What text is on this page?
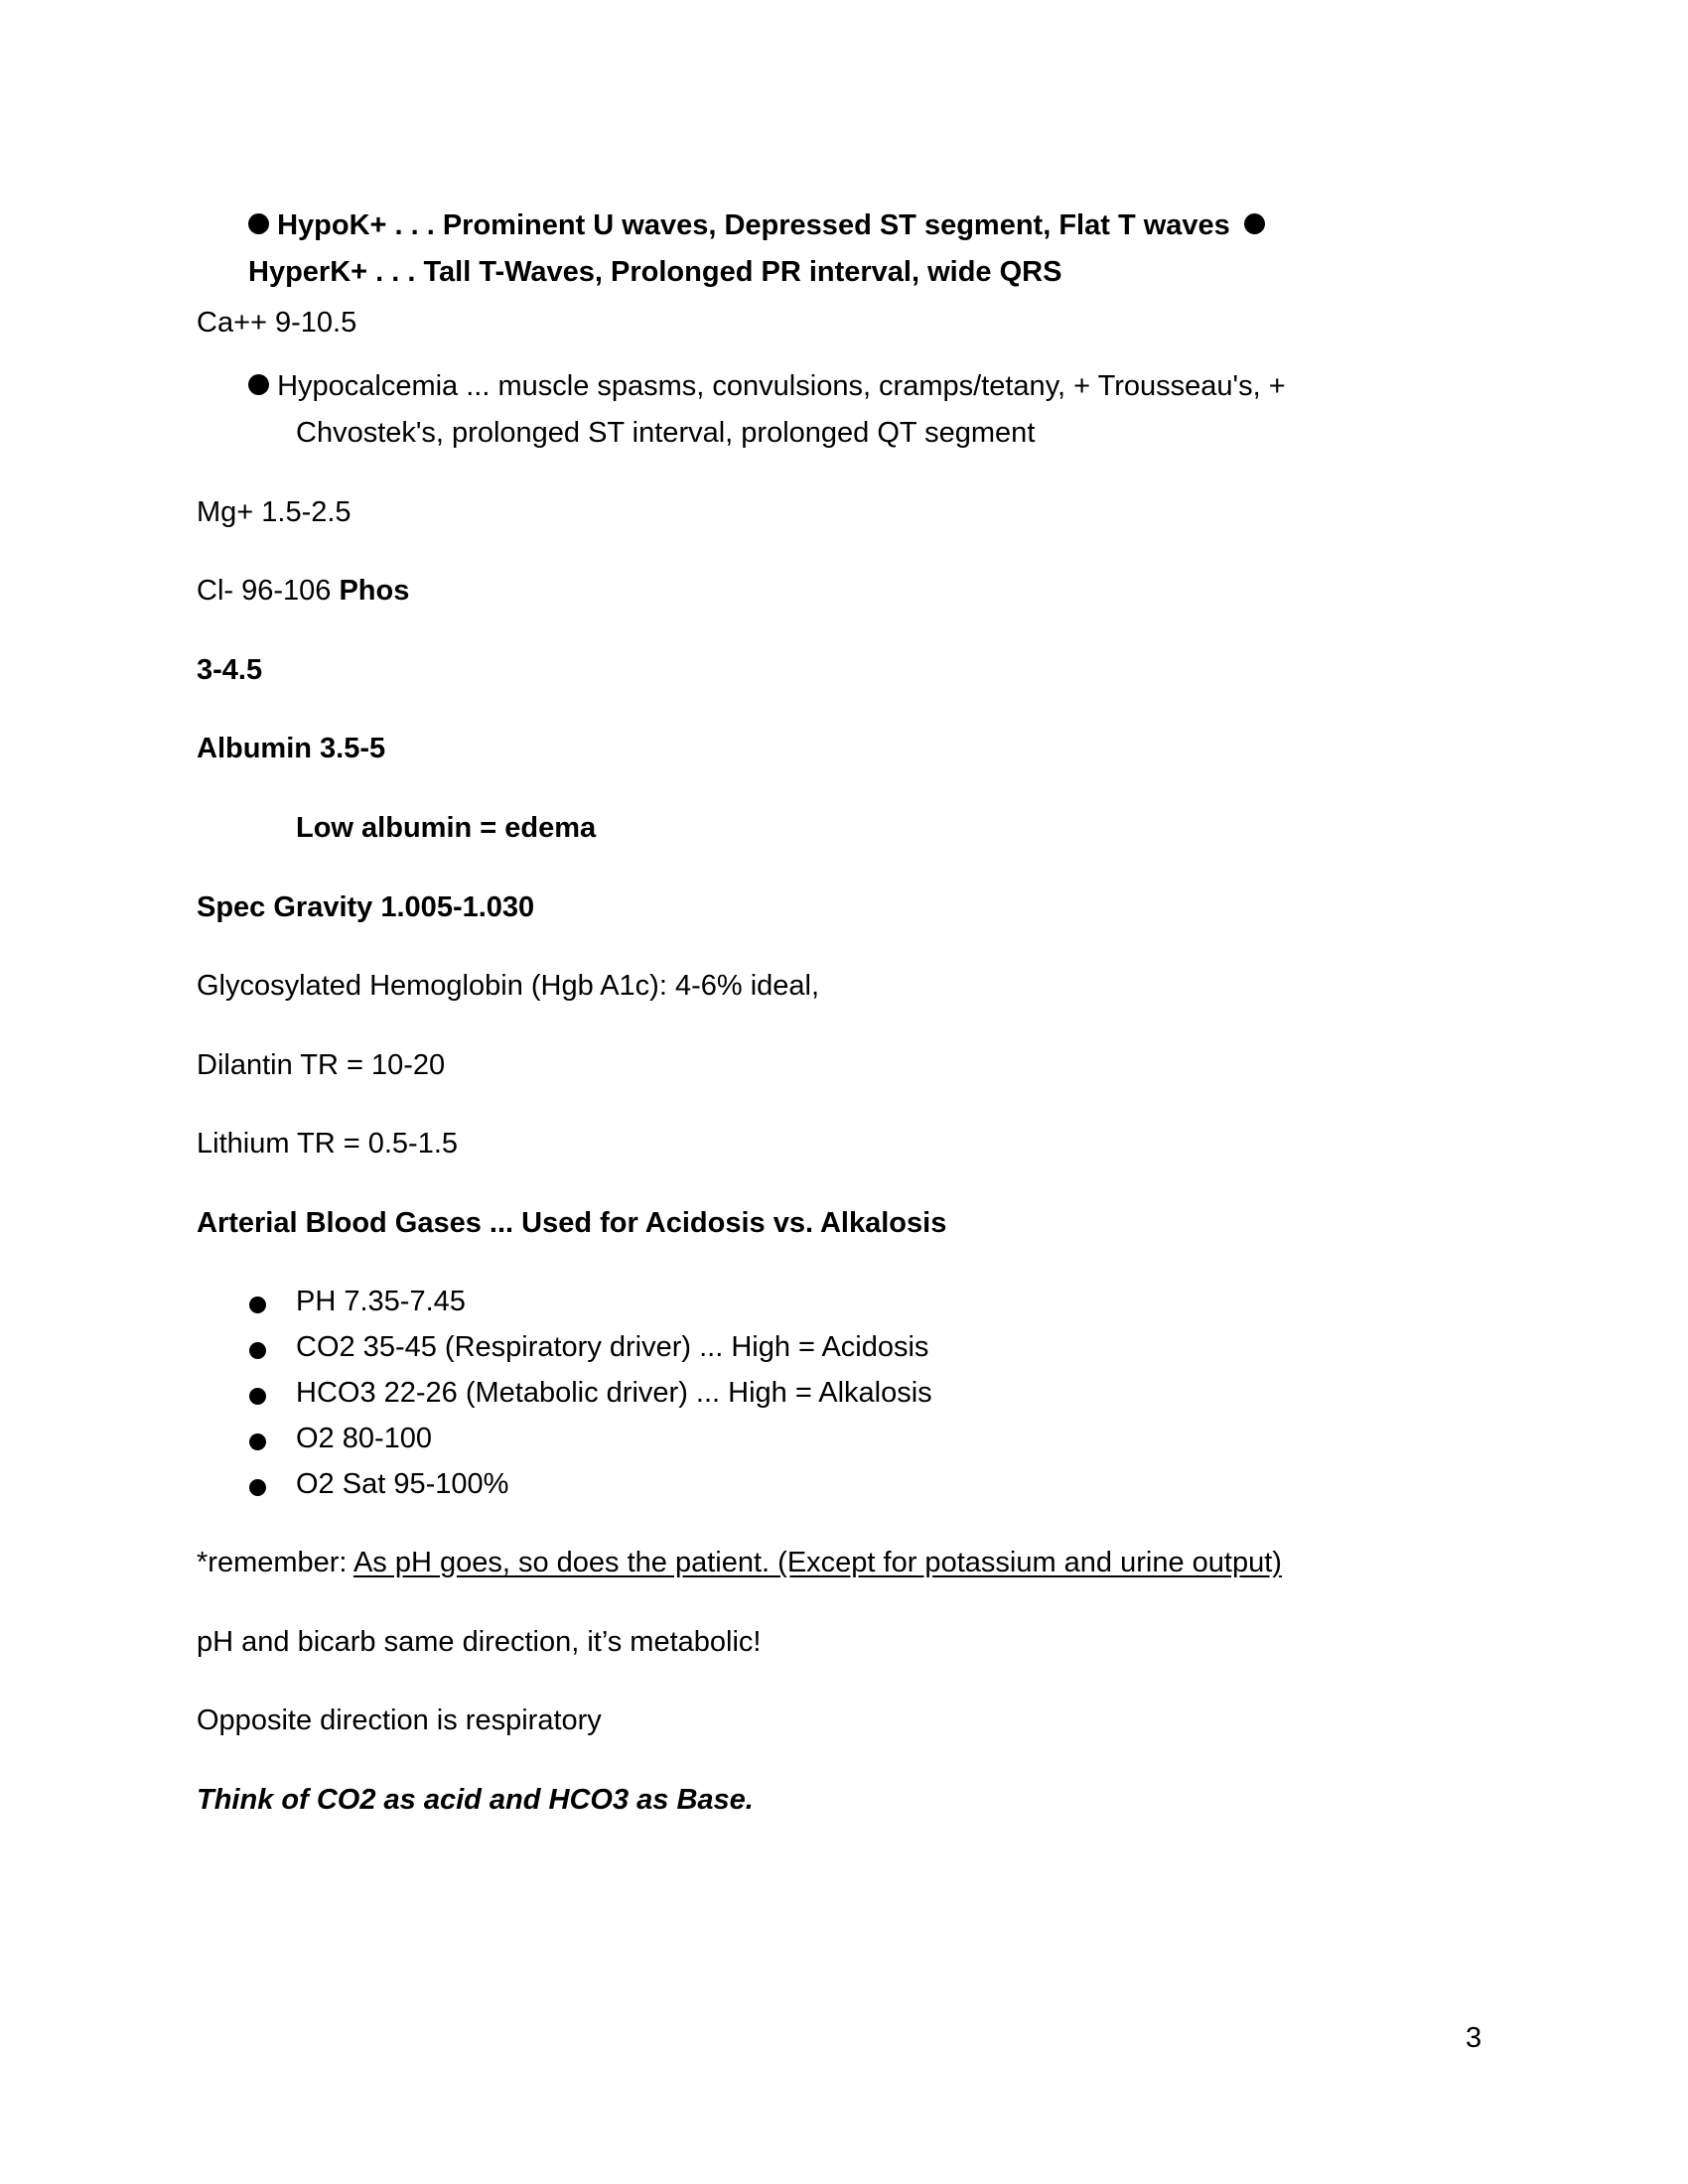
HypoK+ . . . Prominent U waves, Depressed ST segment, Flat T waves
HyperK+ . . . Tall T-Waves, Prolonged PR interval, wide QRS
Ca++ 9-10.5
Hypocalcemia ... muscle spasms, convulsions, cramps/tetany, + Trousseau's, +
Chvostek's, prolonged ST interval, prolonged QT segment
Mg+ 1.5-2.5
Cl- 96-106 Phos
3-4.5
Albumin 3.5-5
Low albumin = edema
Spec Gravity 1.005-1.030
Glycosylated Hemoglobin (Hgb A1c): 4-6% ideal,
Dilantin TR = 10-20
Lithium TR = 0.5-1.5
Arterial Blood Gases ... Used for Acidosis vs. Alkalosis
PH 7.35-7.45
CO2 35-45 (Respiratory driver) ... High = Acidosis
HCO3 22-26 (Metabolic driver) ... High = Alkalosis
O2 80-100
O2 Sat 95-100%
*remember: As pH goes, so does the patient. (Except for potassium and urine output)
pH and bicarb same direction, it’s metabolic!
Opposite direction is respiratory
Think of CO2 as acid and HCO3 as Base.
3
